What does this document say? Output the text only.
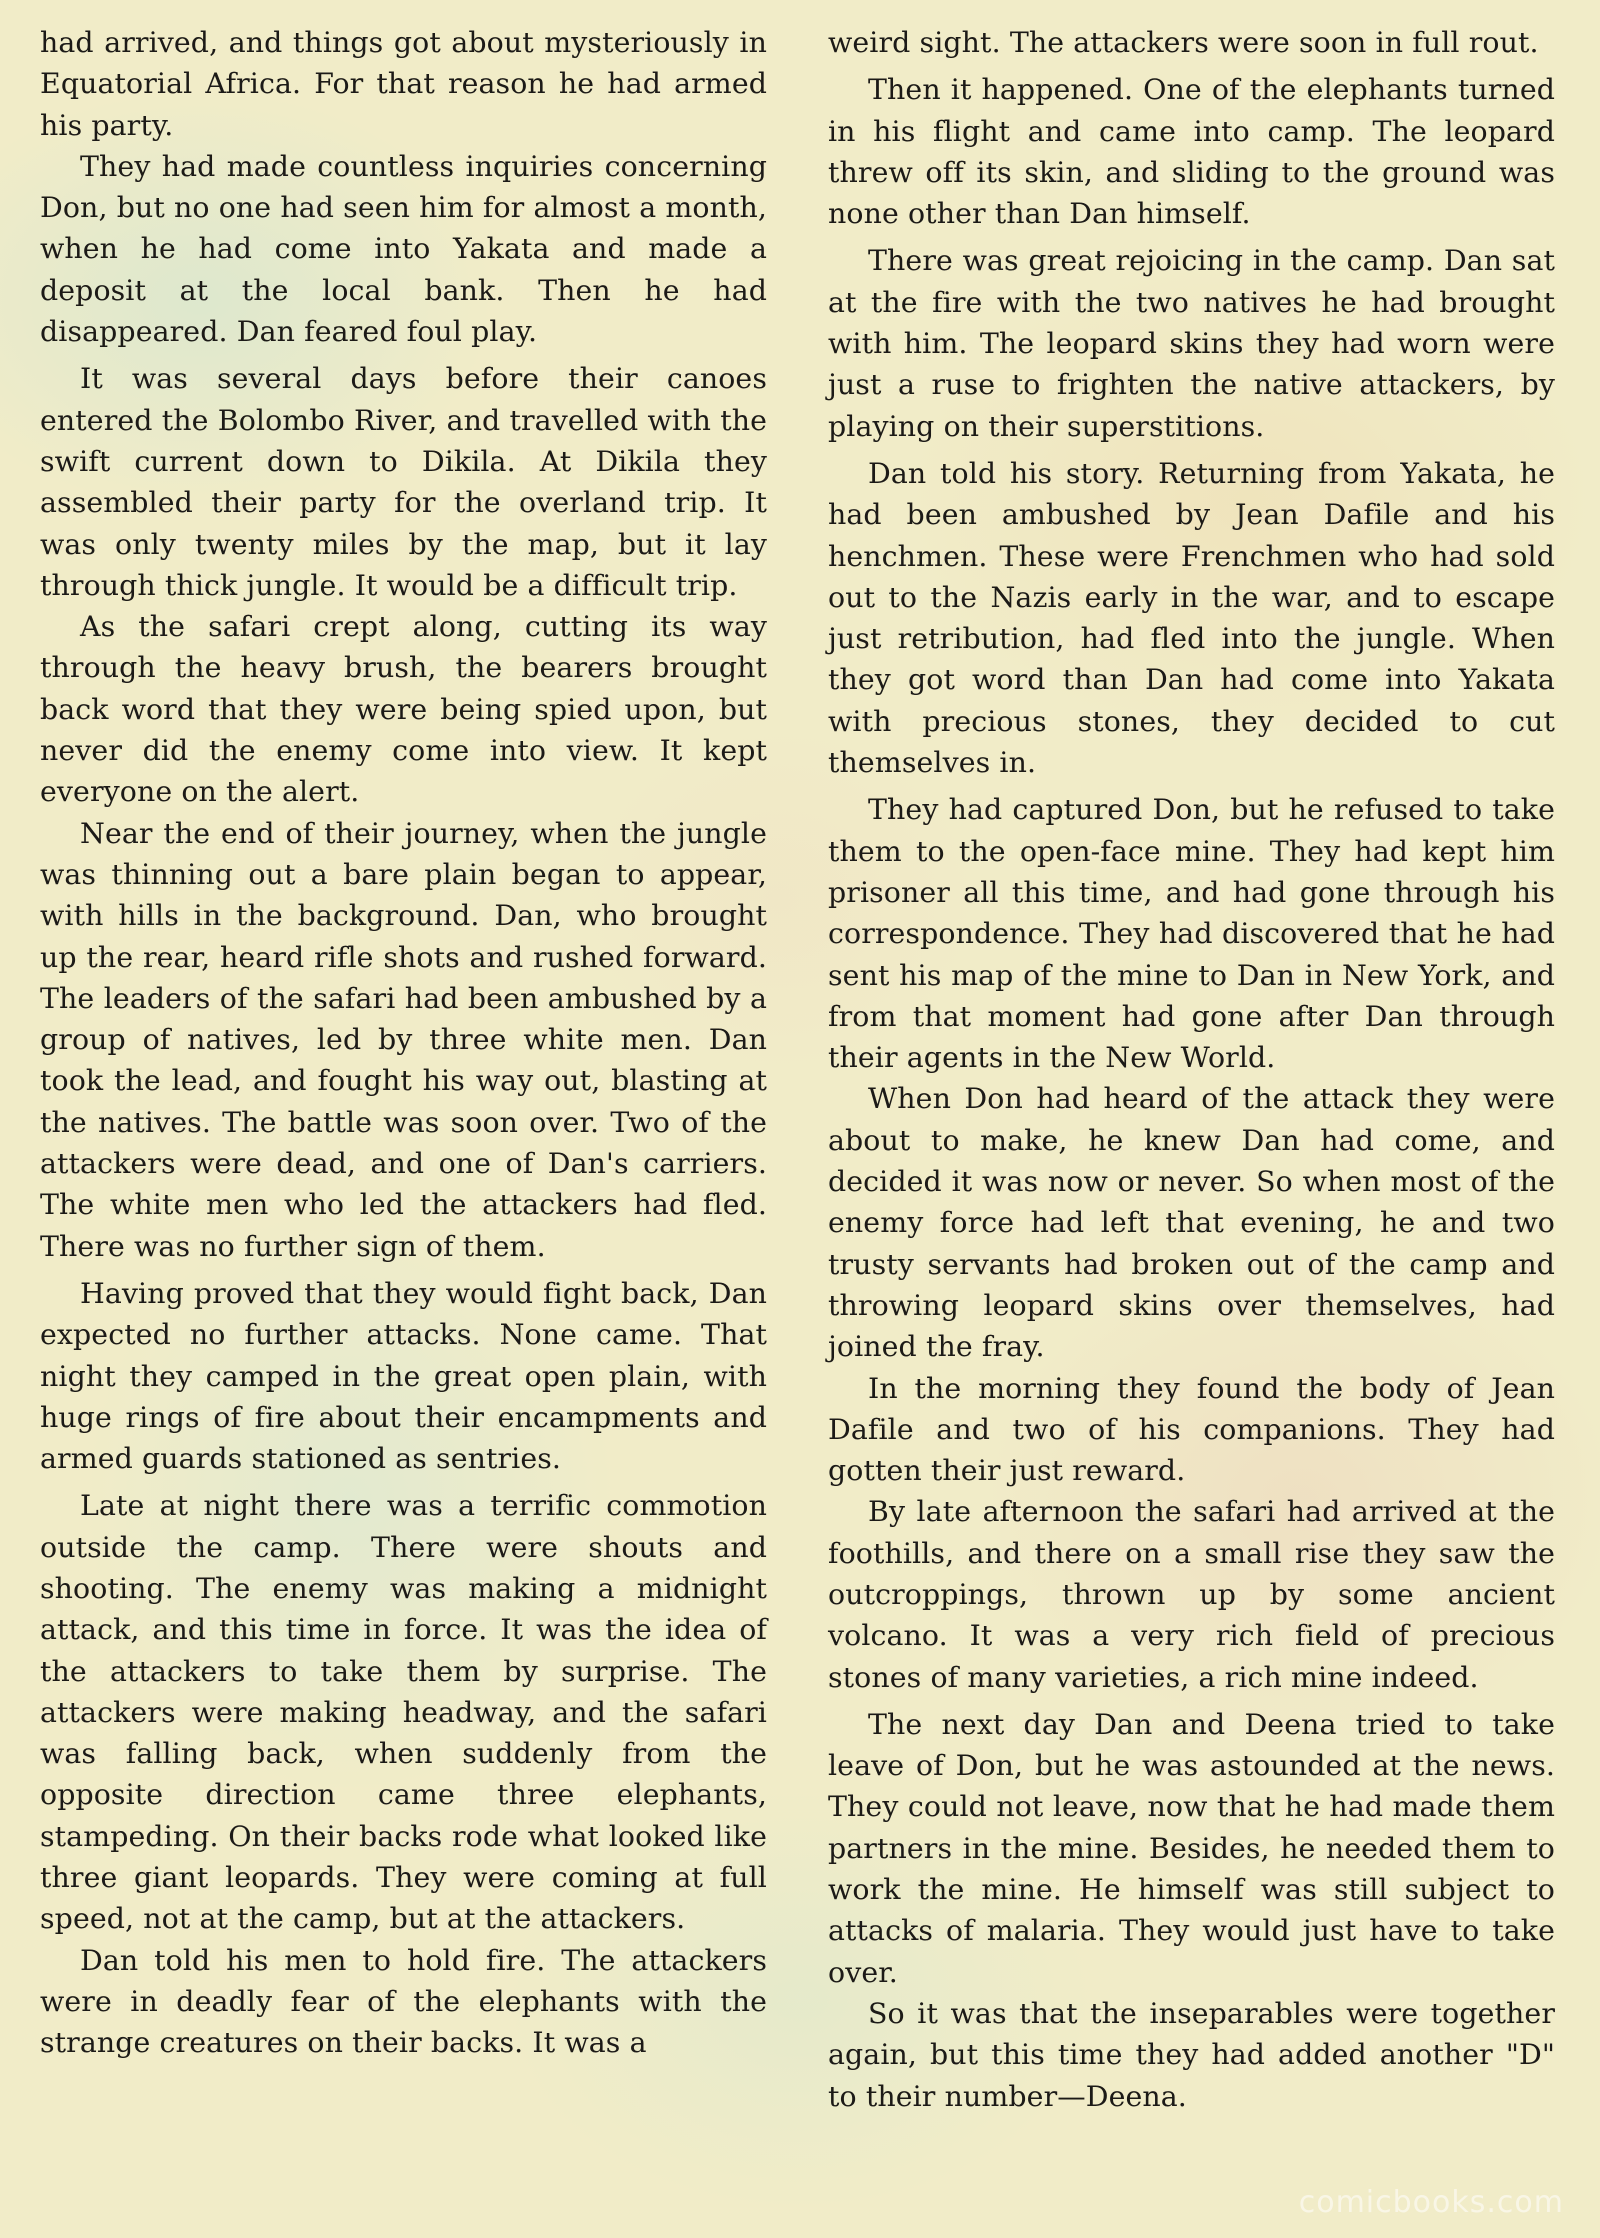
had arrived, and things got about mysteriously in Equatorial Africa. For that reason he had armed his party.

They had made countless inquiries concerning Don, but no one had seen him for almost a month, when he had come into Yakata and made a deposit at the local bank. Then he had disappeared. Dan feared foul play.

It was several days before their canoes entered the Bolombo River, and travelled with the swift current down to Dikila. At Dikila they assembled their party for the overland trip. It was only twenty miles by the map, but it lay through thick jungle. It would be a difficult trip.

As the safari crept along, cutting its way through the heavy brush, the bearers brought back word that they were being spied upon, but never did the enemy come into view. It kept everyone on the alert.

Near the end of their journey, when the jungle was thinning out a bare plain began to appear, with hills in the background. Dan, who brought up the rear, heard rifle shots and rushed forward. The leaders of the safari had been ambushed by a group of natives, led by three white men. Dan took the lead, and fought his way out, blasting at the natives. The battle was soon over. Two of the attackers were dead, and one of Dan's carriers. The white men who led the attackers had fled. There was no further sign of them.

Having proved that they would fight back, Dan expected no further attacks. None came. That night they camped in the great open plain, with huge rings of fire about their encampments and armed guards stationed as sentries.

Late at night there was a terrific commotion outside the camp. There were shouts and shooting. The enemy was making a midnight attack, and this time in force. It was the idea of the attackers to take them by surprise. The attackers were making headway, and the safari was falling back, when suddenly from the opposite direction came three elephants, stampeding. On their backs rode what looked like three giant leopards. They were coming at full speed, not at the camp, but at the attackers.

Dan told his men to hold fire. The attackers were in deadly fear of the elephants with the strange creatures on their backs. It was a

weird sight. The attackers were soon in full rout.

Then it happened. One of the elephants turned in his flight and came into camp. The leopard threw off its skin, and sliding to the ground was none other than Dan himself.

There was great rejoicing in the camp. Dan sat at the fire with the two natives he had brought with him. The leopard skins they had worn were just a ruse to frighten the native attackers, by playing on their superstitions.

Dan told his story. Returning from Yakata, he had been ambushed by Jean Dafile and his henchmen. These were Frenchmen who had sold out to the Nazis early in the war, and to escape just retribution, had fled into the jungle. When they got word than Dan had come into Yakata with precious stones, they decided to cut themselves in.

They had captured Don, but he refused to take them to the open-face mine. They had kept him prisoner all this time, and had gone through his correspondence. They had discovered that he had sent his map of the mine to Dan in New York, and from that moment had gone after Dan through their agents in the New World.

When Don had heard of the attack they were about to make, he knew Dan had come, and decided it was now or never. So when most of the enemy force had left that evening, he and two trusty servants had broken out of the camp and throwing leopard skins over themselves, had joined the fray.

In the morning they found the body of Jean Dafile and two of his companions. They had gotten their just reward.

By late afternoon the safari had arrived at the foothills, and there on a small rise they saw the outcroppings, thrown up by some ancient volcano. It was a very rich field of precious stones of many varieties, a rich mine indeed.

The next day Dan and Deena tried to take leave of Don, but he was astounded at the news. They could not leave, now that he had made them partners in the mine. Besides, he needed them to work the mine. He himself was still subject to attacks of malaria. They would just have to take over.

So it was that the inseparables were together again, but this time they had added another "D" to their number—Deena.

comicbooks.com
